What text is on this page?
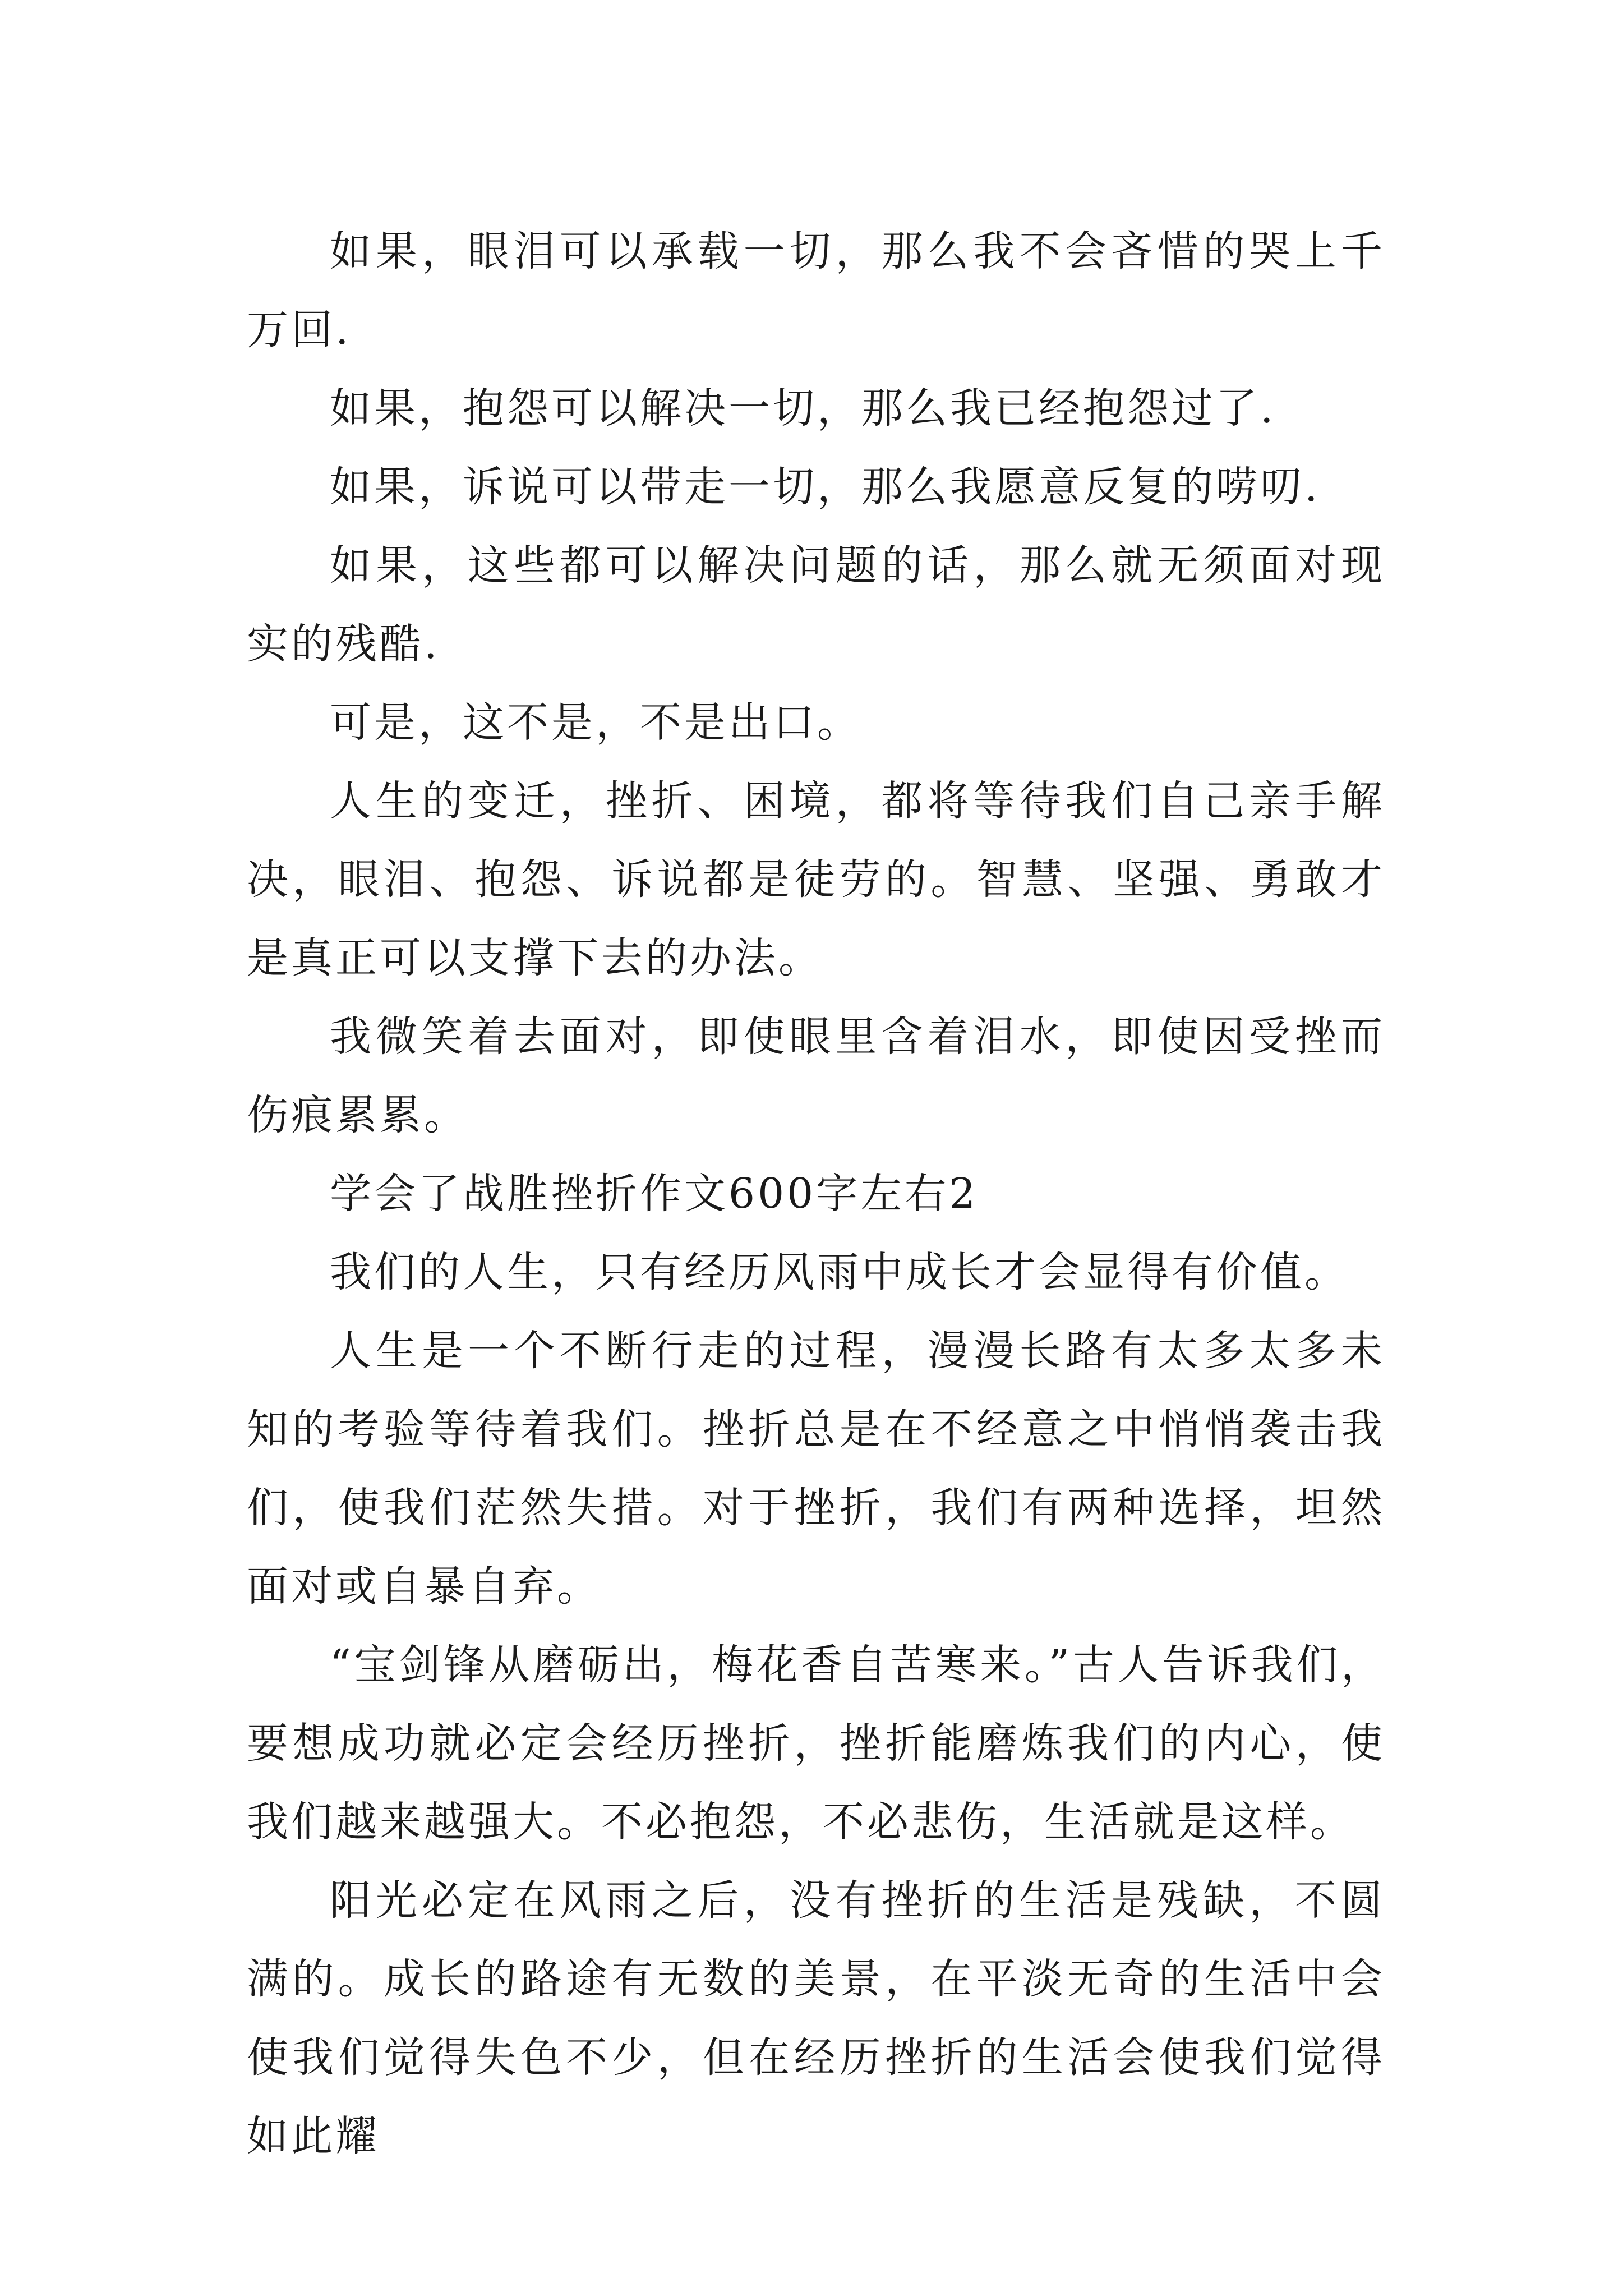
如果，眼泪可以承载一切，那么我不会吝惜的哭上千万回.

如果，抱怨可以解决一切，那么我已经抱怨过了.

如果，诉说可以带走一切，那么我愿意反复的唠叨.

如果，这些都可以解决问题的话，那么就无须面对现实的残酷.

可是，这不是，不是出口。

人生的变迁，挫折、困境，都将等待我们自己亲手解决，眼泪、抱怨、诉说都是徒劳的。智慧、坚强、勇敢才是真正可以支撑下去的办法。

我微笑着去面对，即使眼里含着泪水，即使因受挫而伤痕累累。

学会了战胜挫折作文600字左右2

我们的人生，只有经历风雨中成长才会显得有价值。

人生是一个不断行走的过程，漫漫长路有太多太多未知的考验等待着我们。挫折总是在不经意之中悄悄袭击我们，使我们茫然失措。对于挫折，我们有两种选择，坦然面对或自暴自弃。

“宝剑锋从磨砺出，梅花香自苦寒来。”古人告诉我们，要想成功就必定会经历挫折，挫折能磨炼我们的内心，使我们越来越强大。不必抱怨，不必悲伤，生活就是这样。

阳光必定在风雨之后，没有挫折的生活是残缺，不圆满的。成长的路途有无数的美景，在平淡无奇的生活中会使我们觉得失色不少，但在经历挫折的生活会使我们觉得如此耀
